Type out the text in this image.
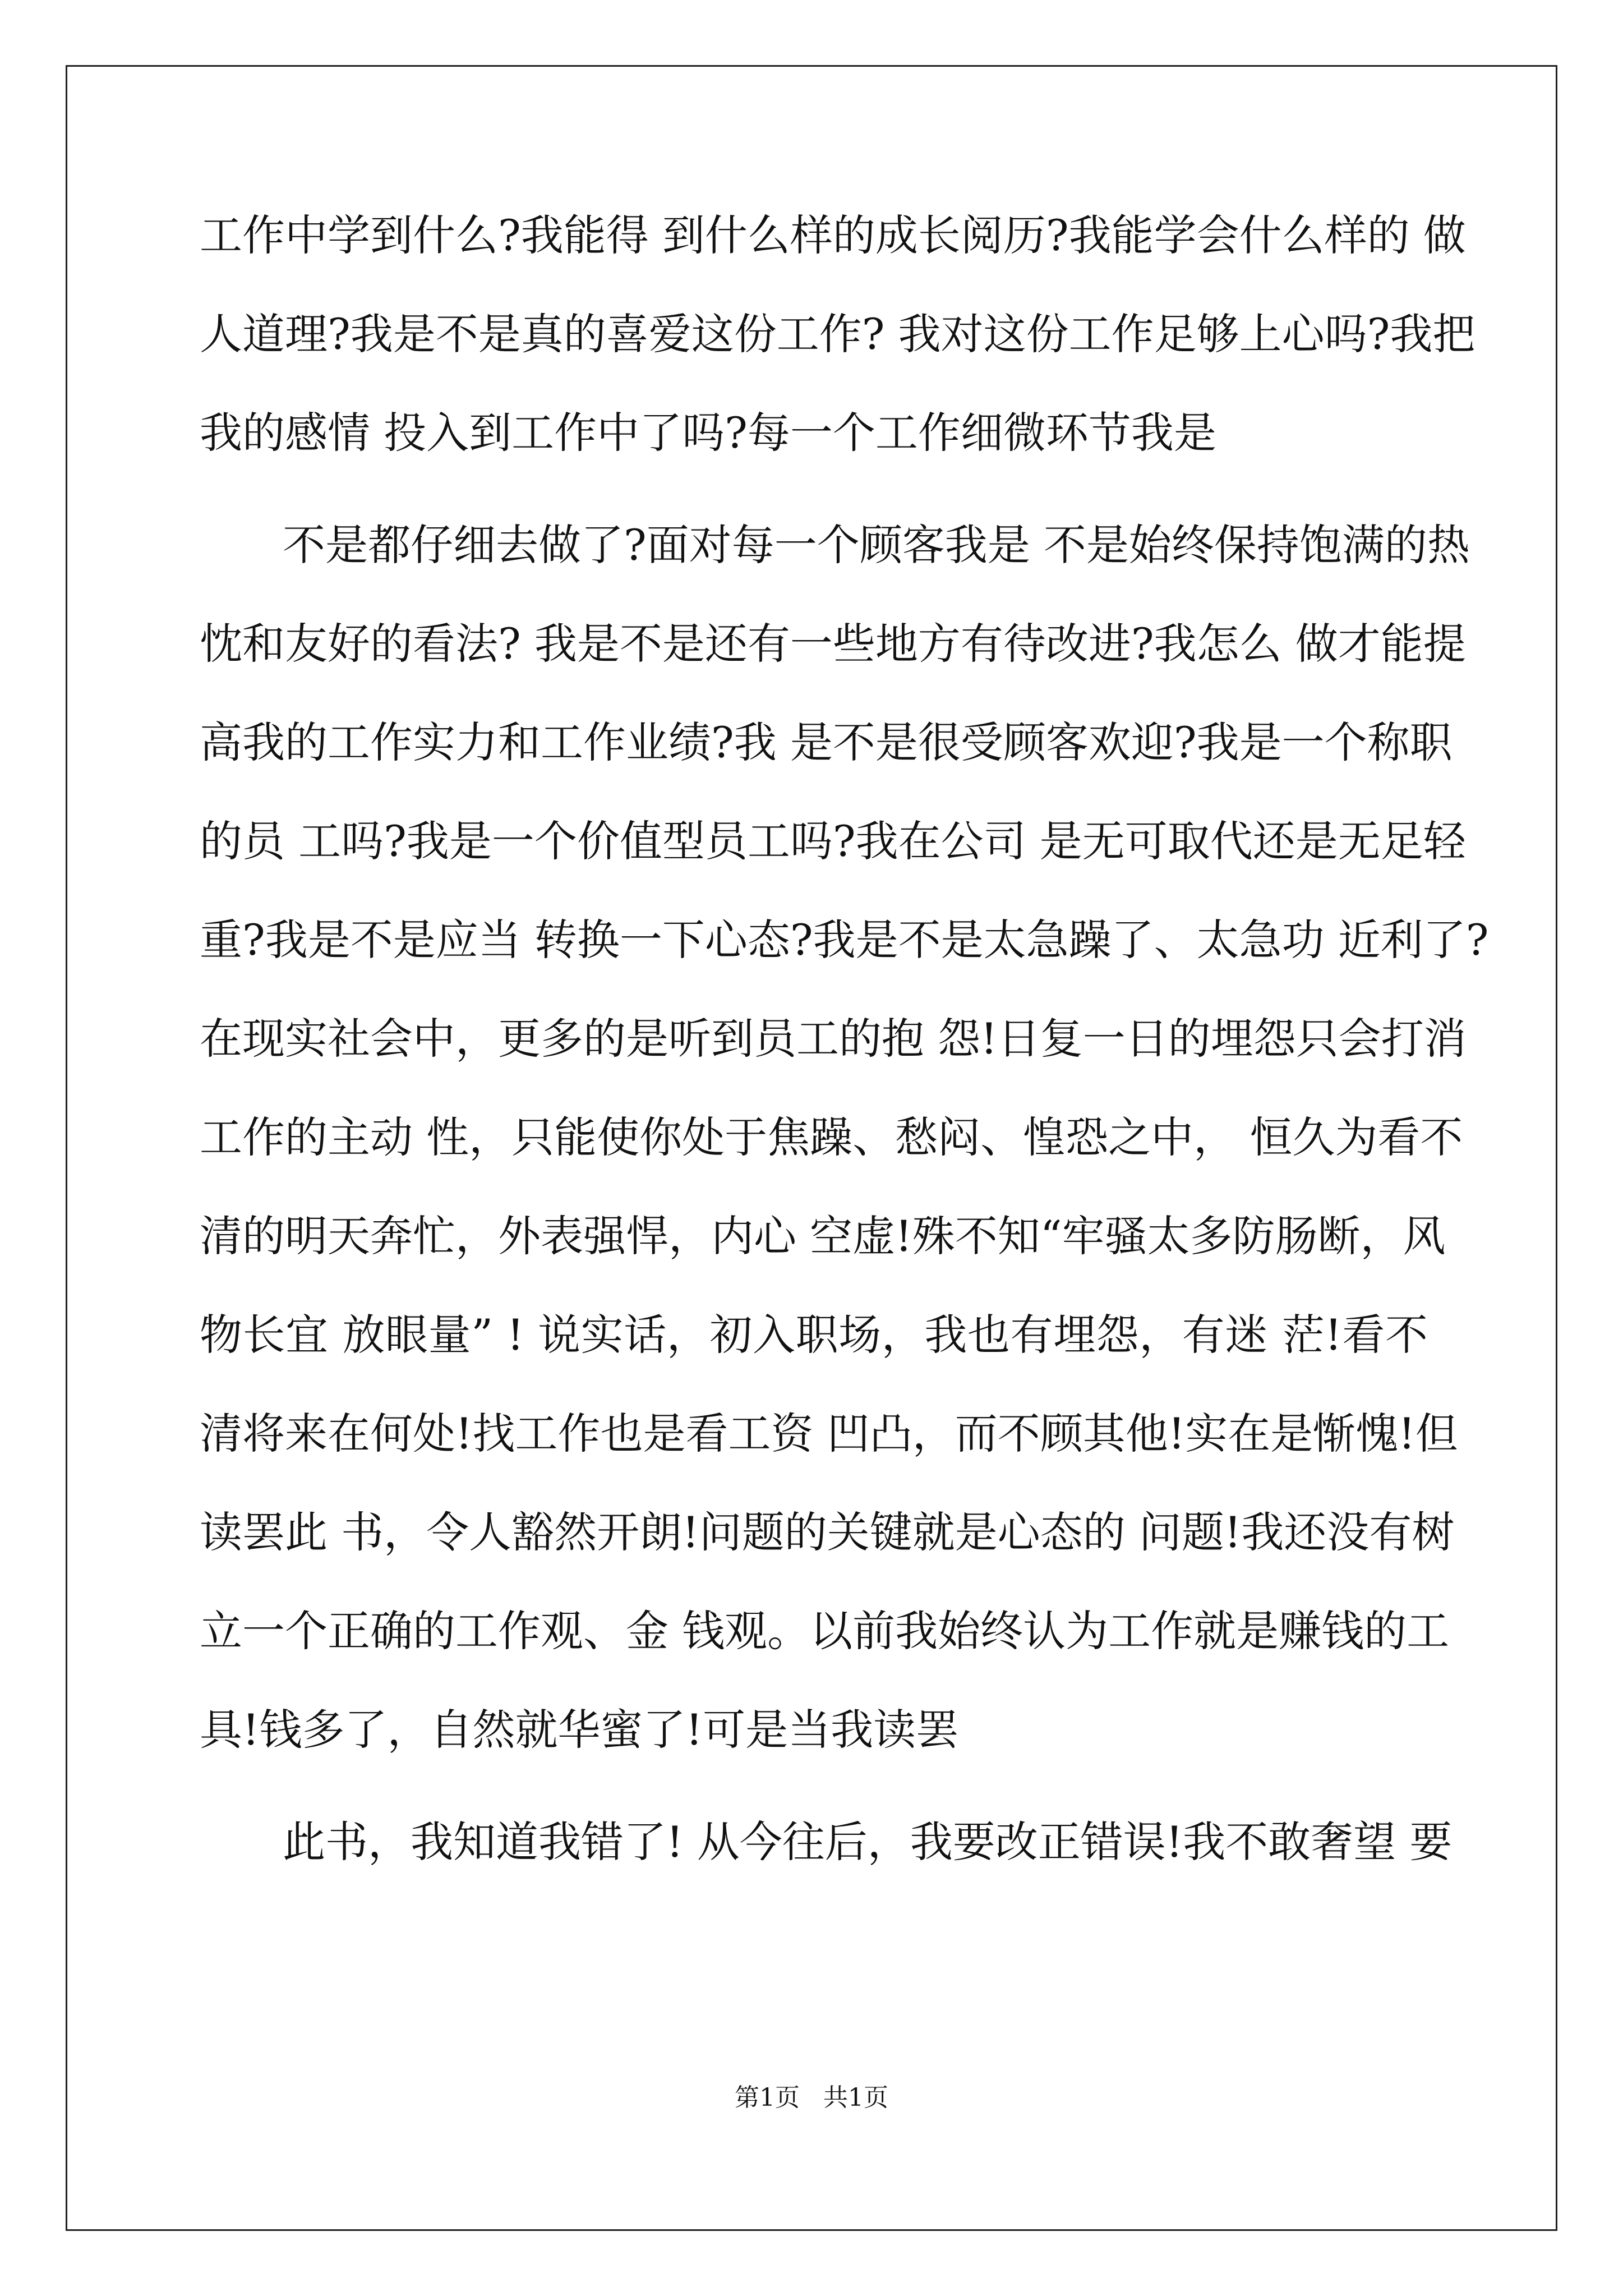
工作中学到什么?我能得 到什么样的成长阅历?我能学会什么样的 做
人道理?我是不是真的喜爱这份工作? 我对这份工作足够上心吗?我把
我的感情 投入到工作中了吗?每一个工作细微环节我是
不是都仔细去做了?面对每一个顾客我是 不是始终保持饱满的热
忱和友好的看法? 我是不是还有一些地方有待改进?我怎么 做才能提
高我的工作实力和工作业绩?我 是不是很受顾客欢迎?我是一个称职
的员 工吗?我是一个价值型员工吗?我在公司 是无可取代还是无足轻
重?我是不是应当 转换一下心态?我是不是太急躁了、太急功 近利了?
在现实社会中，更多的是听到员工的抱 怨!日复一日的埋怨只会打消
工作的主动 性，只能使你处于焦躁、愁闷、惶恐之中， 恒久为看不
清的明天奔忙，外表强悍，内心 空虚!殊不知“牢骚太多防肠断，风
物长宜 放眼量” ! 说实话，初入职场，我也有埋怨，有迷 茫!看不
清将来在何处!找工作也是看工资 凹凸，而不顾其他!实在是惭愧!但
读罢此 书，令人豁然开朗!问题的关键就是心态的 问题!我还没有树
立一个正确的工作观、金 钱观。以前我始终认为工作就是赚钱的工
具!钱多了，自然就华蜜了!可是当我读罢
此书，我知道我错了! 从今往后，我要改正错误!我不敢奢望 要
第1页   共1页
